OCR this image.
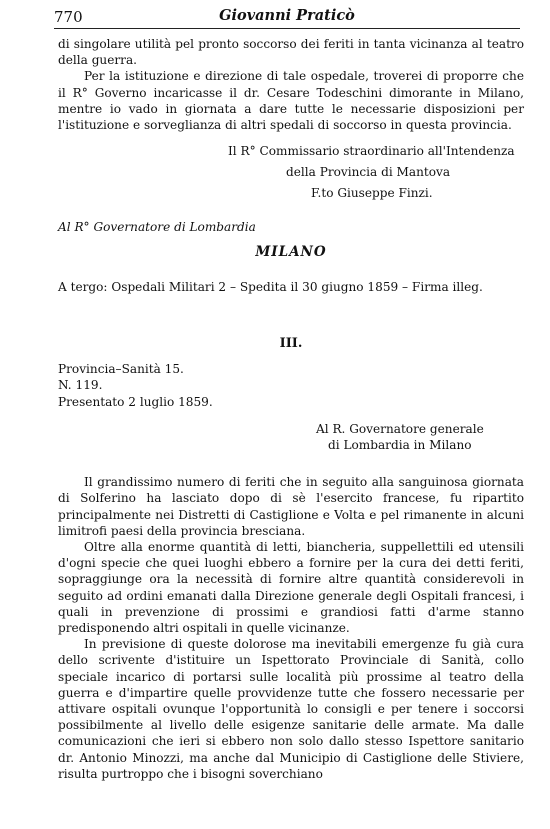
770	Giovanni Praticò

di singolare utilità pel pronto soccorso dei feriti in tanta vicinanza al teatro della guerra.

Per la istituzione e direzione di tale ospedale, troverei di proporre che il R° Governo incaricasse il dr. Cesare Todeschini dimorante in Milano, mentre io vado in giornata a dare tutte le necessarie disposizioni per l'istituzione e sorveglianza di altri spedali di soccorso in questa provincia.

Il R° Commissario straordinario all'Intendenza
della Provincia di Mantova
F.to Giuseppe Finzi.
Al R° Governatore di Lombardia
MILANO
A tergo: Ospedali Militari 2 – Spedita il 30 giugno 1859 – Firma illeg.
III.
Provincia–Sanità 15.
N. 119.
Presentato 2 luglio 1859.
Al R. Governatore generale
di Lombardia in Milano

Il grandissimo numero di feriti che in seguito alla sanguinosa giornata di Solferino ha lasciato dopo di sè l'esercito francese, fu ripartito principalmente nei Distretti di Castiglione e Volta e pel rimanente in alcuni limitrofi paesi della provincia bresciana.

Oltre alla enorme quantità di letti, biancheria, suppellettili ed utensili d'ogni specie che quei luoghi ebbero a fornire per la cura dei detti feriti, sopraggiunge ora la necessità di fornire altre quantità considerevoli in seguito ad ordini emanati dalla Direzione generale degli Ospitali francesi, i quali in prevenzione di prossimi e grandiosi fatti d'arme stanno predisponendo altri ospitali in quelle vicinanze.

In previsione di queste dolorose ma inevitabili emergenze fu già cura dello scrivente d'istituire un Ispettorato Provinciale di Sanità, collo speciale incarico di portarsi sulle località più prossime al teatro della guerra e d'impartire quelle provvidenze tutte che fossero necessarie per attivare ospitali ovunque l'opportunità lo consigli e per tenere i soccorsi possibilmente al livello delle esigenze sanitarie delle armate. Ma dalle comunicazioni che ieri si ebbero non solo dallo stesso Ispettore sanitario dr. Antonio Minozzi, ma anche dal Municipio di Castiglione delle Stiviere, risulta purtroppo che i bisogni soverchiano
